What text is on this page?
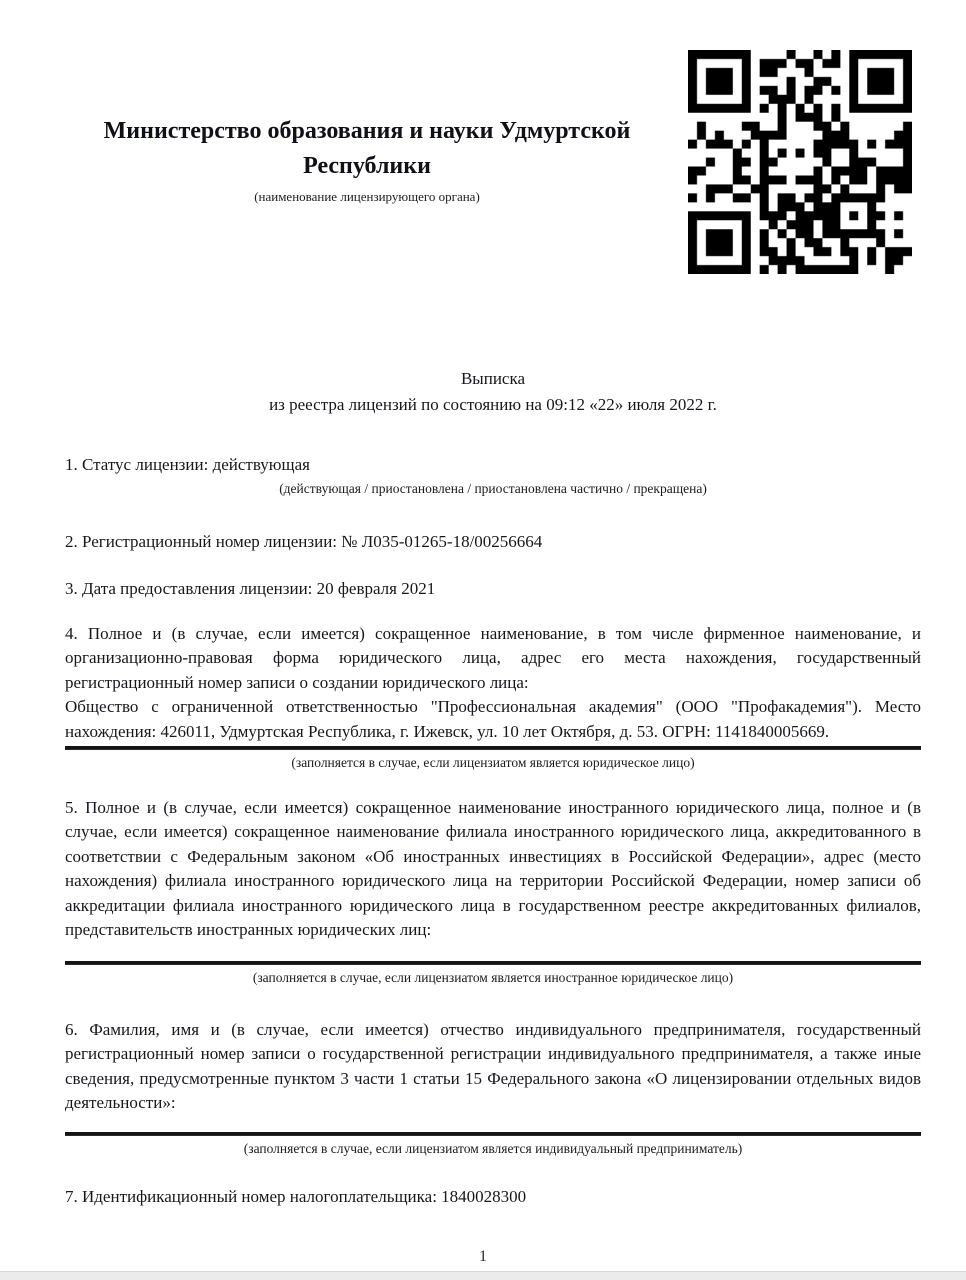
Министерство образования и науки Удмуртской Республики
(наименование лицензирующего органа)
Выписка
из реестра лицензий по состоянию на 09:12 «22» июля 2022 г.

1. Статус лицензии: действующая

(действующая / приостановлена / приостановлена частично / прекращена)

2. Регистрационный номер лицензии: № Л035-01265-18/00256664

3. Дата предоставления лицензии: 20 февраля 2021

4. Полное и (в случае, если имеется) сокращенное наименование, в том числе фирменное наименование, и организационно-правовая форма юридического лица, адрес его места нахождения, государственный регистрационный номер записи о создании юридического лица:

Общество с ограниченной ответственностью "Профессиональная академия" (ООО "Профакадемия"). Место нахождения: 426011, Удмуртская Республика, г. Ижевск, ул. 10 лет Октября, д. 53. ОГРН: 1141840005669.

(заполняется в случае, если лицензиатом является юридическое лицо)

5. Полное и (в случае, если имеется) сокращенное наименование иностранного юридического лица, полное и (в случае, если имеется) сокращенное наименование филиала иностранного юридического лица, аккредитованного в соответствии с Федеральным законом «Об иностранных инвестициях в Российской Федерации», адрес (место нахождения) филиала иностранного юридического лица на территории Российской Федерации, номер записи об аккредитации филиала иностранного юридического лица в государственном реестре аккредитованных филиалов, представительств иностранных юридических лиц:

(заполняется в случае, если лицензиатом является иностранное юридическое лицо)

6. Фамилия, имя и (в случае, если имеется) отчество индивидуального предпринимателя, государственный регистрационный номер записи о государственной регистрации индивидуального предпринимателя, а также иные сведения, предусмотренные пунктом 3 части 1 статьи 15 Федерального закона «О лицензировании отдельных видов деятельности»:

(заполняется в случае, если лицензиатом является индивидуальный предприниматель)

7. Идентификационный номер налогоплательщика: 1840028300

1
